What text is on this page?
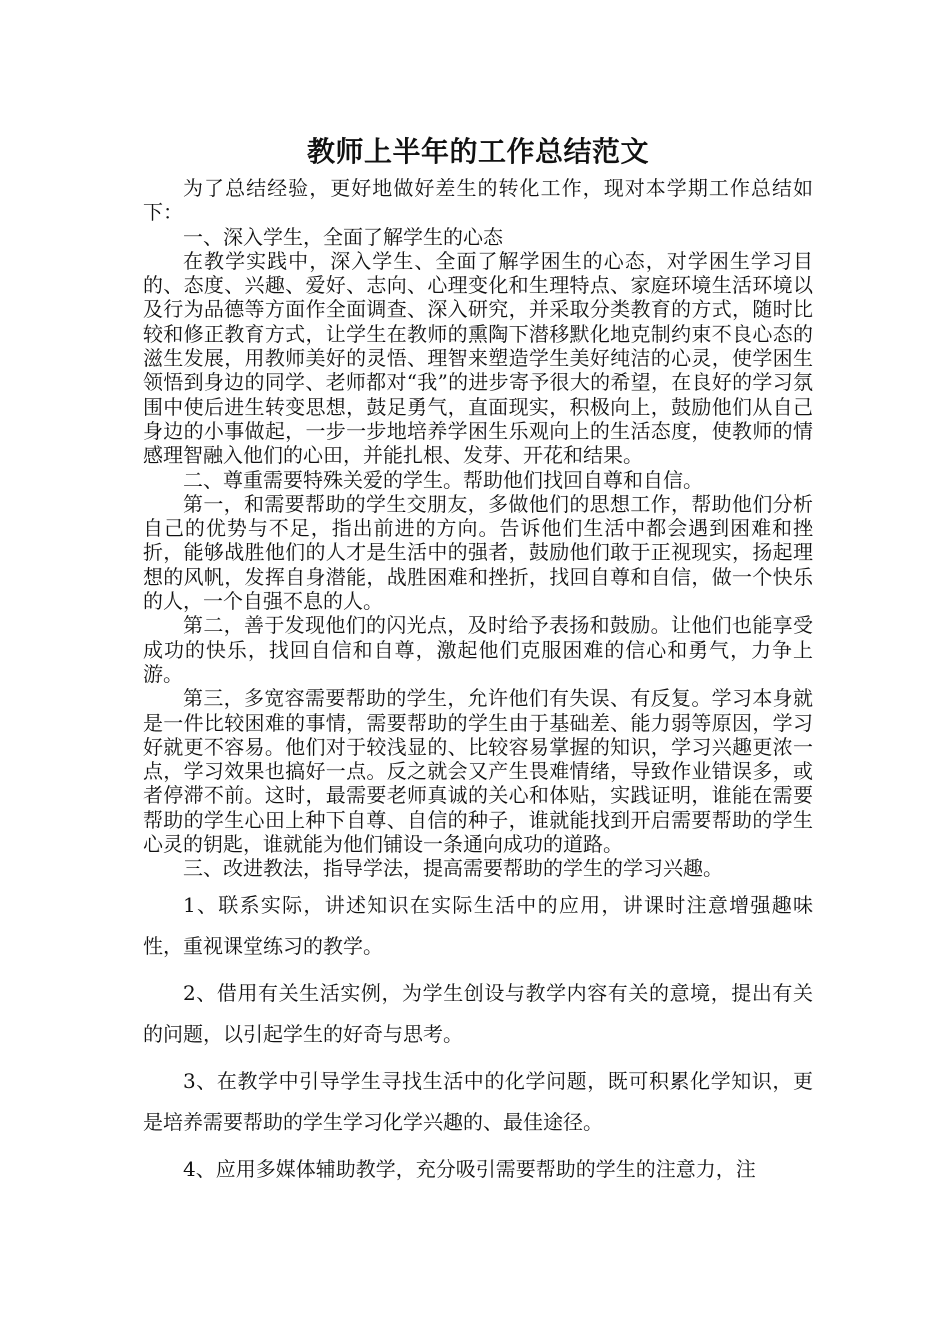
教师上半年的工作总结范文

为了总结经验，更好地做好差生的转化工作，现对本学期工作总结如下：

一、深入学生，全面了解学生的心态

在教学实践中，深入学生、全面了解学困生的心态，对学困生学习目的、态度、兴趣、爱好、志向、心理变化和生理特点、家庭环境生活环境以及行为品德等方面作全面调查、深入研究，并采取分类教育的方式，随时比较和修正教育方式，让学生在教师的熏陶下潜移默化地克制约束不良心态的滋生发展，用教师美好的灵悟、理智来塑造学生美好纯洁的心灵，使学困生领悟到身边的同学、老师都对“我”的进步寄予很大的希望，在良好的学习氛围中使后进生转变思想，鼓足勇气，直面现实，积极向上，鼓励他们从自己身边的小事做起，一步一步地培养学困生乐观向上的生活态度，使教师的情感理智融入他们的心田，并能扎根、发芽、开花和结果。

二、尊重需要特殊关爱的学生。帮助他们找回自尊和自信。

第一，和需要帮助的学生交朋友，多做他们的思想工作，帮助他们分析自己的优势与不足，指出前进的方向。告诉他们生活中都会遇到困难和挫折，能够战胜他们的人才是生活中的强者，鼓励他们敢于正视现实，扬起理想的风帆，发挥自身潜能，战胜困难和挫折，找回自尊和自信，做一个快乐的人，一个自强不息的人。

第二，善于发现他们的闪光点，及时给予表扬和鼓励。让他们也能享受成功的快乐，找回自信和自尊，激起他们克服困难的信心和勇气，力争上游。

第三，多宽容需要帮助的学生，允许他们有失误、有反复。学习本身就是一件比较困难的事情，需要帮助的学生由于基础差、能力弱等原因，学习好就更不容易。他们对于较浅显的、比较容易掌握的知识，学习兴趣更浓一点，学习效果也搞好一点。反之就会又产生畏难情绪，导致作业错误多，或者停滞不前。这时，最需要老师真诚的关心和体贴，实践证明，谁能在需要帮助的学生心田上种下自尊、自信的种子，谁就能找到开启需要帮助的学生心灵的钥匙，谁就能为他们铺设一条通向成功的道路。

三、改进教法，指导学法，提高需要帮助的学生的学习兴趣。

1、联系实际，讲述知识在实际生活中的应用，讲课时注意增强趣味性，重视课堂练习的教学。

2、借用有关生活实例，为学生创设与教学内容有关的意境，提出有关的问题，以引起学生的好奇与思考。

3、在教学中引导学生寻找生活中的化学问题，既可积累化学知识，更是培养需要帮助的学生学习化学兴趣的、最佳途径。

4、应用多媒体辅助教学，充分吸引需要帮助的学生的注意力，注
